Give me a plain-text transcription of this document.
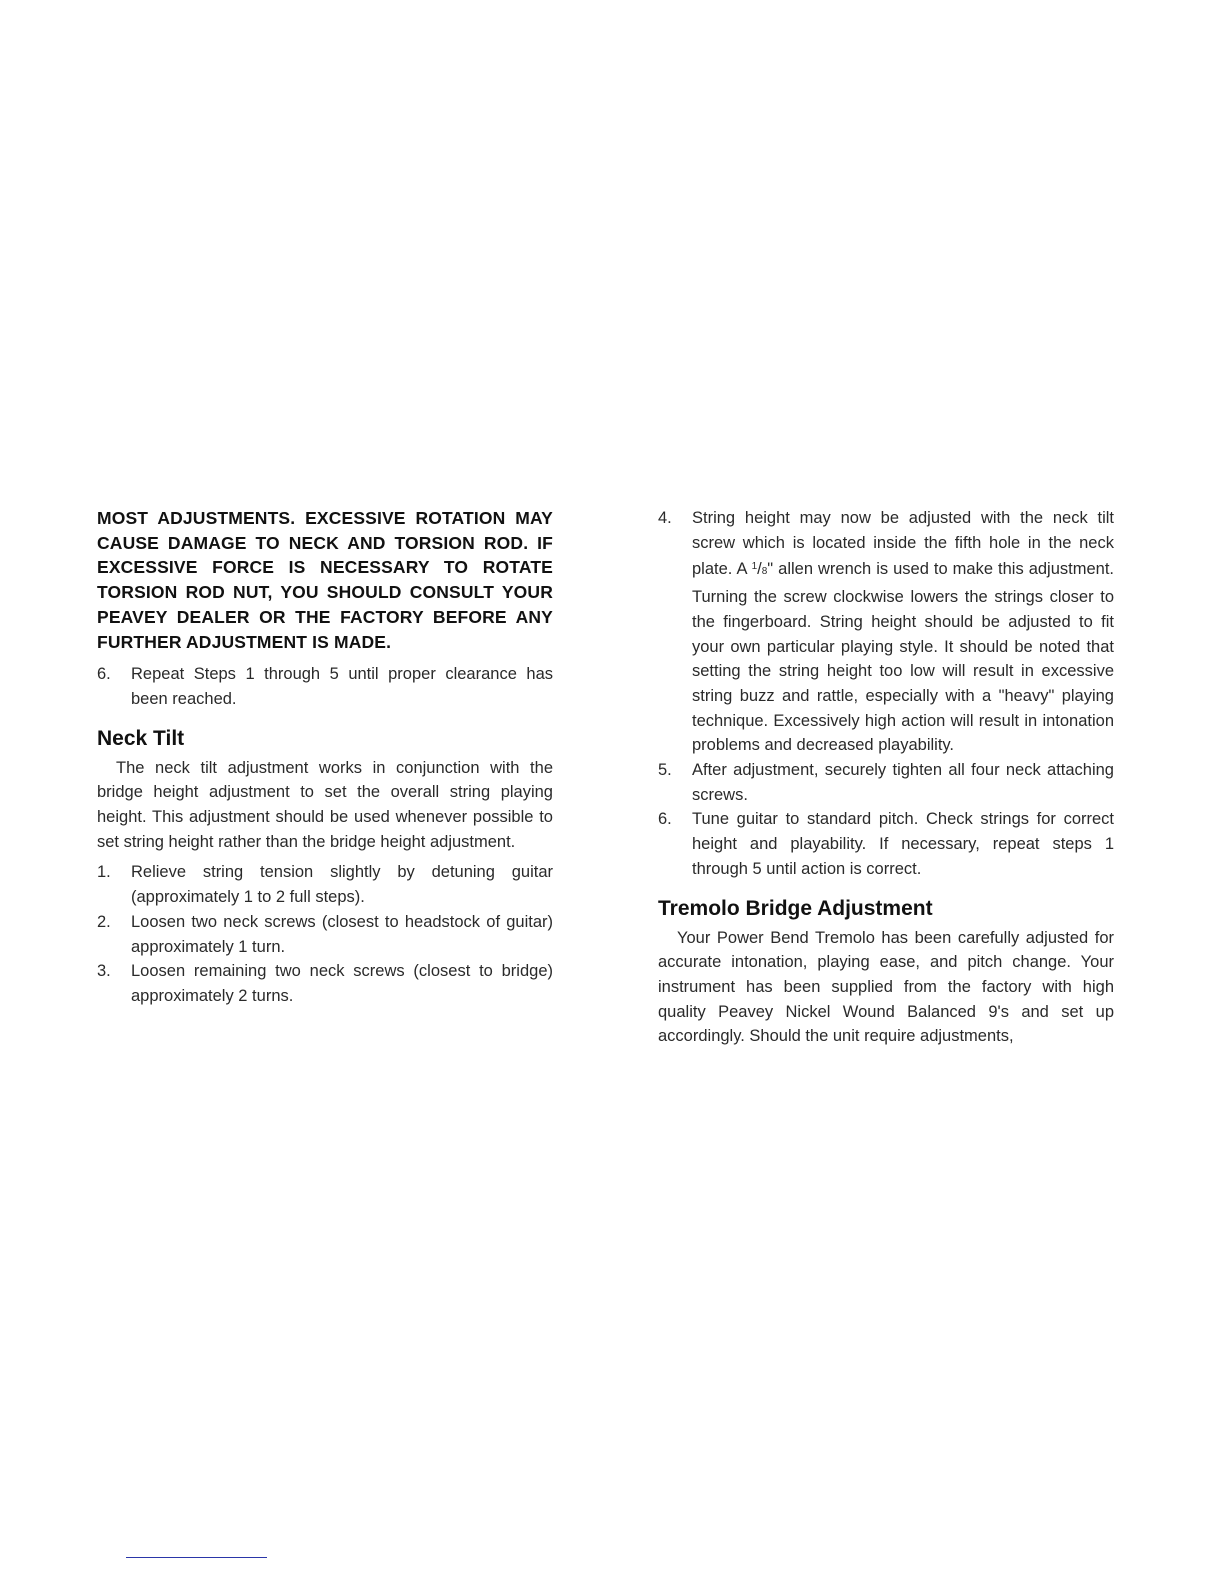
MOST ADJUSTMENTS. EXCESSIVE ROTATION MAY CAUSE DAMAGE TO NECK AND TORSION ROD. IF EXCESSIVE FORCE IS NECESSARY TO ROTATE TORSION ROD NUT, YOU SHOULD CONSULT YOUR PEAVEY DEALER OR THE FACTORY BEFORE ANY FURTHER ADJUSTMENT IS MADE.

6.	Repeat Steps 1 through 5 until proper clearance has been reached.
Neck Tilt

The neck tilt adjustment works in conjunction with the bridge height adjustment to set the overall string playing height. This adjustment should be used whenever possible to set string height rather than the bridge height adjustment.

1.	Relieve string tension slightly by detuning guitar (approximately 1 to 2 full steps).
2.	Loosen two neck screws (closest to headstock of guitar) approximately 1 turn.
3.	Loosen remaining two neck screws (closest to bridge) approximately 2 turns.
4.	String height may now be adjusted with the neck tilt screw which is located inside the fifth hole in the neck plate. A $^1$/8" allen wrench is used to make this adjustment. Turning the screw clockwise lowers the strings closer to the fingerboard. String height should be adjusted to fit your own particular playing style. It should be noted that setting the string height too low will result in excessive string buzz and rattle, especially with a "heavy" playing technique. Excessively high action will result in intonation problems and decreased playability.
5.	After adjustment, securely tighten all four neck attaching screws.
6.	Tune guitar to standard pitch. Check strings for correct height and playability. If necessary, repeat steps 1 through 5 until action is correct.
Tremolo Bridge Adjustment

Your Power Bend Tremolo has been carefully adjusted for accurate intonation, playing ease, and pitch change. Your instrument has been supplied from the factory with high quality Peavey Nickel Wound Balanced 9's and set up accordingly. Should the unit require adjustments,
